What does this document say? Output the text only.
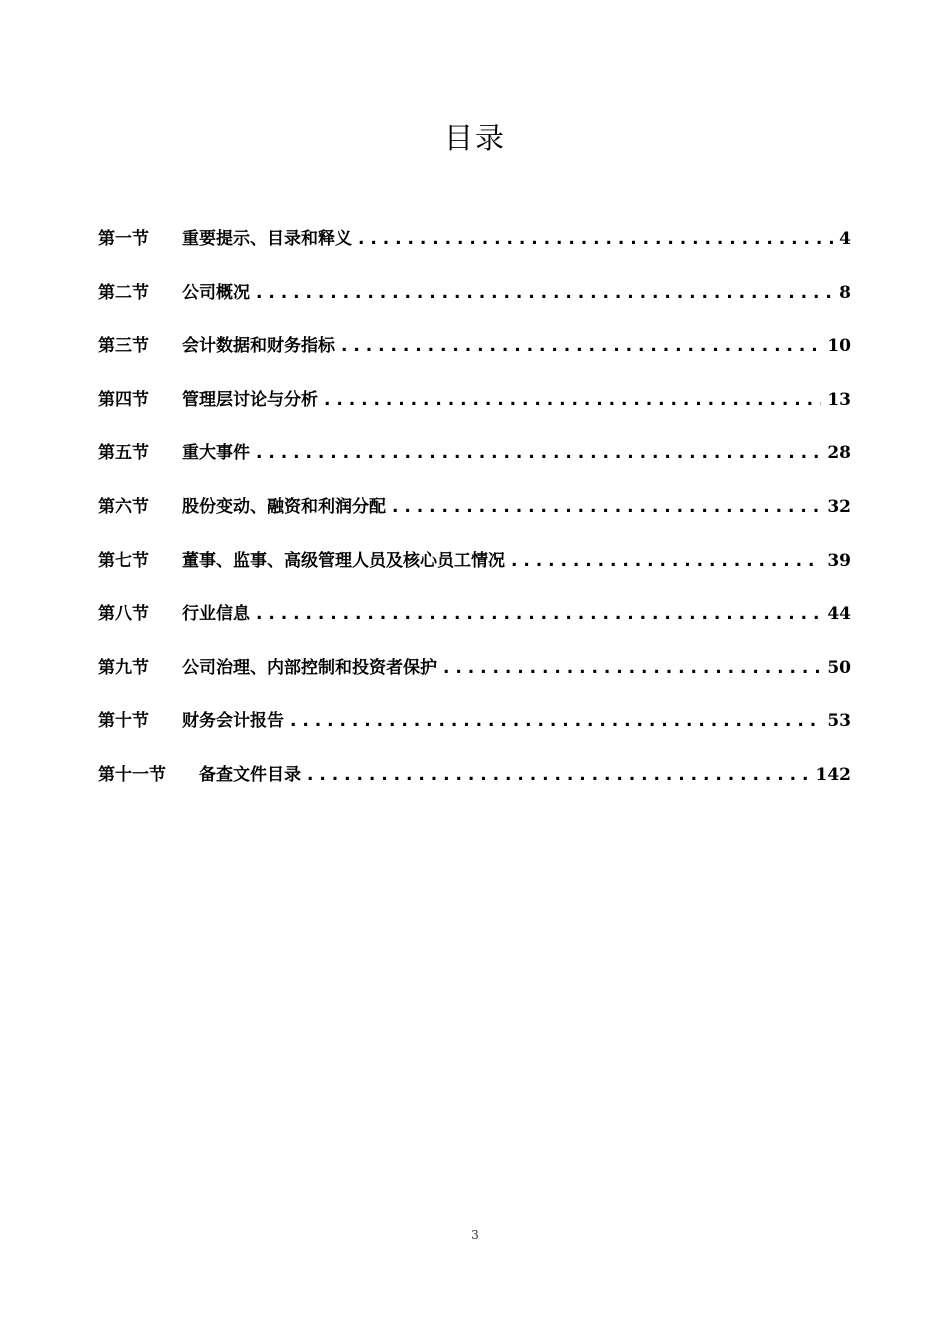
目录
第一节	重要提示、目录和释义 . . .	4
第二节	公司概况 . . .	8
第三节	会计数据和财务指标 . . .	10
第四节	管理层讨论与分析 . . .	13
第五节	重大事件 . . .	28
第六节	股份变动、融资和利润分配 . . .	32
第七节	董事、监事、高级管理人员及核心员工情况 . . .	39
第八节	行业信息 . . .	44
第九节	公司治理、内部控制和投资者保护 . . .	50
第十节	财务会计报告 . . .	53
第十一节	备查文件目录 . . .	142
3
